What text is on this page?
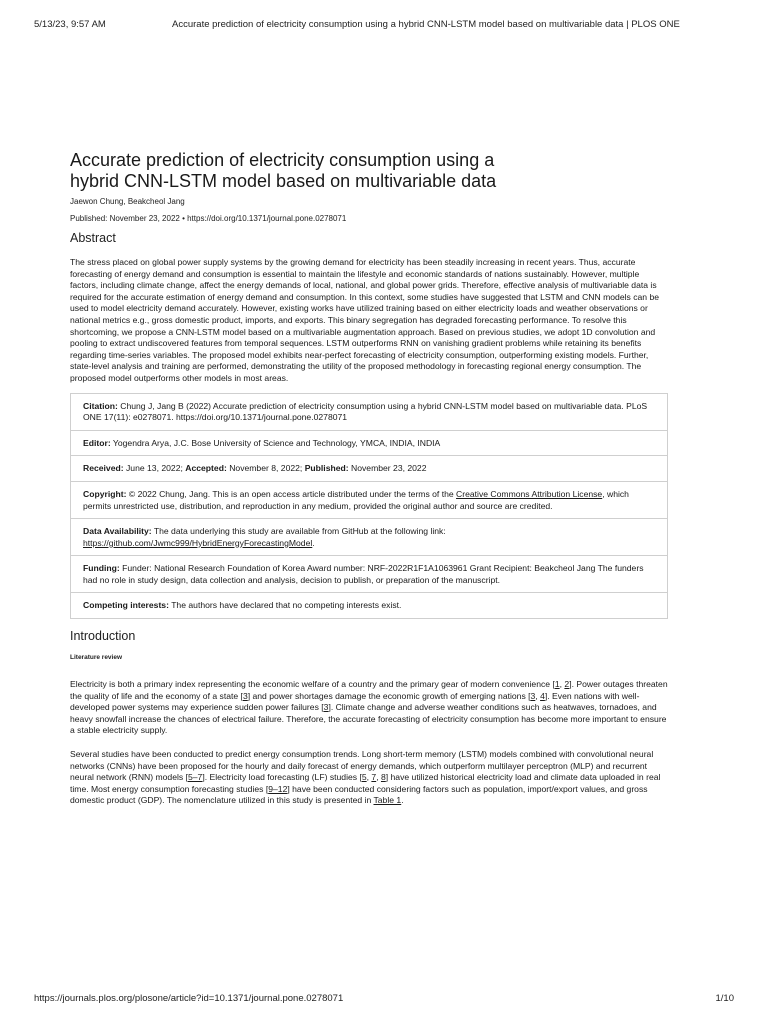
5/13/23, 9:57 AM	Accurate prediction of electricity consumption using a hybrid CNN-LSTM model based on multivariable data | PLOS ONE
Accurate prediction of electricity consumption using a hybrid CNN-LSTM model based on multivariable data
Jaewon Chung, Beakcheol Jang
Published: November 23, 2022 • https://doi.org/10.1371/journal.pone.0278071
Abstract
The stress placed on global power supply systems by the growing demand for electricity has been steadily increasing in recent years. Thus, accurate forecasting of energy demand and consumption is essential to maintain the lifestyle and economic standards of nations sustainably. However, multiple factors, including climate change, affect the energy demands of local, national, and global power grids. Therefore, effective analysis of multivariable data is required for the accurate estimation of energy demand and consumption. In this context, some studies have suggested that LSTM and CNN models can be used to model electricity demand accurately. However, existing works have utilized training based on either electricity loads and weather observations or national metrics e.g., gross domestic product, imports, and exports. This binary segregation has degraded forecasting performance. To resolve this shortcoming, we propose a CNN-LSTM model based on a multivariable augmentation approach. Based on previous studies, we adopt 1D convolution and pooling to extract undiscovered features from temporal sequences. LSTM outperforms RNN on vanishing gradient problems while retaining its benefits regarding time-series variables. The proposed model exhibits near-perfect forecasting of electricity consumption, outperforming existing models. Further, state-level analysis and training are performed, demonstrating the utility of the proposed methodology in forecasting regional energy consumption. The proposed model outperforms other models in most areas.
Citation: Chung J, Jang B (2022) Accurate prediction of electricity consumption using a hybrid CNN-LSTM model based on multivariable data. PLoS ONE 17(11): e0278071. https://doi.org/10.1371/journal.pone.0278071
Editor: Yogendra Arya, J.C. Bose University of Science and Technology, YMCA, INDIA, INDIA
Received: June 13, 2022; Accepted: November 8, 2022; Published: November 23, 2022
Copyright: © 2022 Chung, Jang. This is an open access article distributed under the terms of the Creative Commons Attribution License, which permits unrestricted use, distribution, and reproduction in any medium, provided the original author and source are credited.
Data Availability: The data underlying this study are available from GitHub at the following link:
https://github.com/Jwmc999/HybridEnergyForecastingModel.
Funding: Funder: National Research Foundation of Korea Award number: NRF-2022R1F1A1063961 Grant Recipient: Beakcheol Jang The funders had no role in study design, data collection and analysis, decision to publish, or preparation of the manuscript.
Competing interests: The authors have declared that no competing interests exist.
Introduction
Literature review
Electricity is both a primary index representing the economic welfare of a country and the primary gear of modern convenience [1, 2]. Power outages threaten the quality of life and the economy of a state [3] and power shortages damage the economic growth of emerging nations [3, 4]. Even nations with well-developed power systems may experience sudden power failures [3]. Climate change and adverse weather conditions such as heatwaves, tornadoes, and heavy snowfall increase the chances of electrical failure. Therefore, the accurate forecasting of electricity consumption has become more important to ensure a stable electricity supply.
Several studies have been conducted to predict energy consumption trends. Long short-term memory (LSTM) models combined with convolutional neural networks (CNNs) have been proposed for the hourly and daily forecast of energy demands, which outperform multilayer perceptron (MLP) and recurrent neural network (RNN) models [5–7]. Electricity load forecasting (LF) studies [5, 7, 8] have utilized historical electricity load and climate data uploaded in real time. Most energy consumption forecasting studies [9–12] have been conducted considering factors such as population, import/export values, and gross domestic product (GDP). The nomenclature utilized in this study is presented in Table 1.
https://journals.plos.org/plosone/article?id=10.1371/journal.pone.0278071	1/10
